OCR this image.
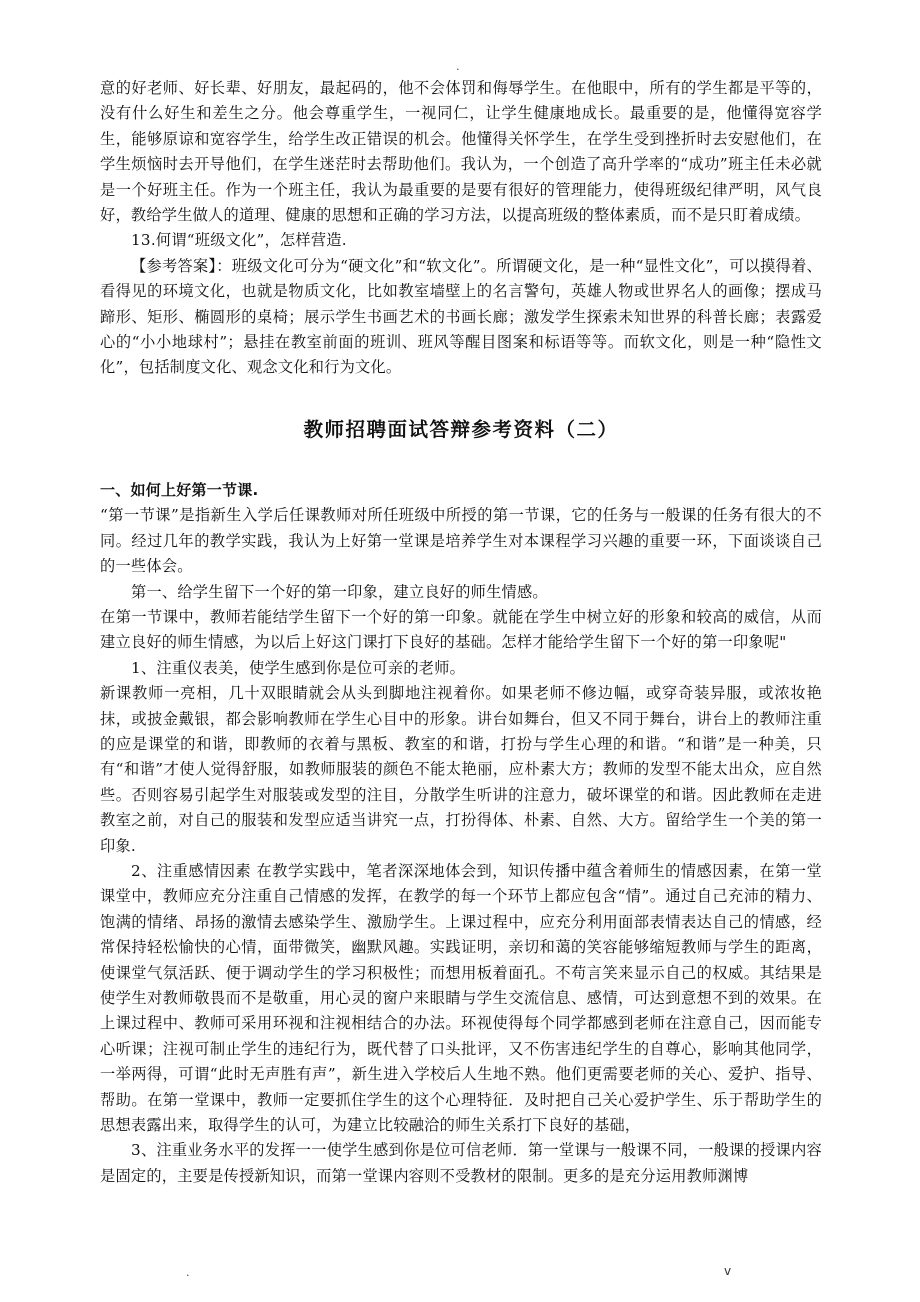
.

意的好老师、好长辈、好朋友，最起码的，他不会体罚和侮辱学生。在他眼中，所有的学生都是平等的，没有什么好生和差生之分。他会尊重学生，一视同仁，让学生健康地成长。最重要的是，他懂得宽容学生，能够原谅和宽容学生，给学生改正错误的机会。他懂得关怀学生，在学生受到挫折时去安慰他们，在学生烦恼时去开导他们，在学生迷茫时去帮助他们。我认为，一个创造了高升学率的“成功”班主任未必就是一个好班主任。作为一个班主任，我认为最重要的是要有很好的管理能力，使得班级纪律严明，风气良好，教给学生做人的道理、健康的思想和正确的学习方法，以提高班级的整体素质，而不是只盯着成绩。

13.何谓“班级文化”，怎样营造.

【参考答案】：班级文化可分为“硬文化”和“软文化”。所谓硬文化，是一种“显性文化”，可以摸得着、看得见的环境文化，也就是物质文化，比如教室墙壁上的名言警句，英雄人物或世界名人的画像；摆成马蹄形、矩形、椭圆形的桌椅；展示学生书画艺术的书画长廊；激发学生探索未知世界的科普长廊；表露爱心的“小小地球村”；悬挂在教室前面的班训、班风等醒目图案和标语等等。而软文化，则是一种“隐性文化”，包括制度文化、观念文化和行为文化。

教师招聘面试答辩参考资料（二）
一、如何上好第一节课.

“第一节课”是指新生入学后任课教师对所任班级中所授的第一节课，它的任务与一般课的任务有很大的不同。经过几年的教学实践，我认为上好第一堂课是培养学生对本课程学习兴趣的重要一环，下面谈谈自己的一些体会。

第一、给学生留下一个好的第一印象，建立良好的师生情感。

在第一节课中，教师若能结学生留下一个好的第一印象。就能在学生中树立好的形象和较高的威信，从而建立良好的师生情感，为以后上好这门课打下良好的基础。怎样才能给学生留下一个好的第一印象呢"

1、注重仪表美，使学生感到你是位可亲的老师。

新课教师一亮相，几十双眼睛就会从头到脚地注视着你。如果老师不修边幅，或穿奇装异服，或浓妆艳抹，或披金戴银，都会影响教师在学生心目中的形象。讲台如舞台，但又不同于舞台，讲台上的教师注重的应是课堂的和谐，即教师的衣着与黑板、教室的和谐，打扮与学生心理的和谐。“和谐”是一种美，只有“和谐”才使人觉得舒服，如教师服装的颜色不能太艳丽，应朴素大方；教师的发型不能太出众，应自然些。否则容易引起学生对服装或发型的注目，分散学生听讲的注意力，破坏课堂的和谐。因此教师在走进教室之前，对自己的服装和发型应适当讲究一点，打扮得体、朴素、自然、大方。留给学生一个美的第一印象.

2、注重感情因素 在教学实践中，笔者深深地体会到，知识传播中蕴含着师生的情感因素，在第一堂课堂中，教师应充分注重自己情感的发挥，在教学的每一个环节上都应包含“情”。通过自己充沛的精力、饱满的情绪、昂扬的激情去感染学生、激励学生。上课过程中，应充分利用面部表情表达自己的情感，经常保持轻松愉快的心情，面带微笑，幽默风趣。实践证明，亲切和蔼的笑容能够缩短教师与学生的距离，使课堂气氛活跃、便于调动学生的学习积极性；而想用板着面孔。不苟言笑来显示自己的权威。其结果是使学生对教师敬畏而不是敬重，用心灵的窗户来眼睛与学生交流信息、感情，可达到意想不到的效果。在上课过程中、教师可采用环视和注视相结合的办法。环视使得每个同学都感到老师在注意自己，因而能专心听课；注视可制止学生的违纪行为，既代替了口头批评，又不伤害违纪学生的自尊心，影响其他同学，一举两得，可谓“此时无声胜有声”，新生进入学校后人生地不熟。他们更需要老师的关心、爱护、指导、帮助。在第一堂课中，教师一定要抓住学生的这个心理特征．及时把自己关心爱护学生、乐于帮助学生的思想表露出来，取得学生的认可，为建立比较融洽的师生关系打下良好的基础，

3、注重业务水平的发挥一一使学生感到你是位可信老师．第一堂课与一般课不同，一般课的授课内容是固定的，主要是传授新知识，而第一堂课内容则不受教材的限制。更多的是充分运用教师渊博

.	v
